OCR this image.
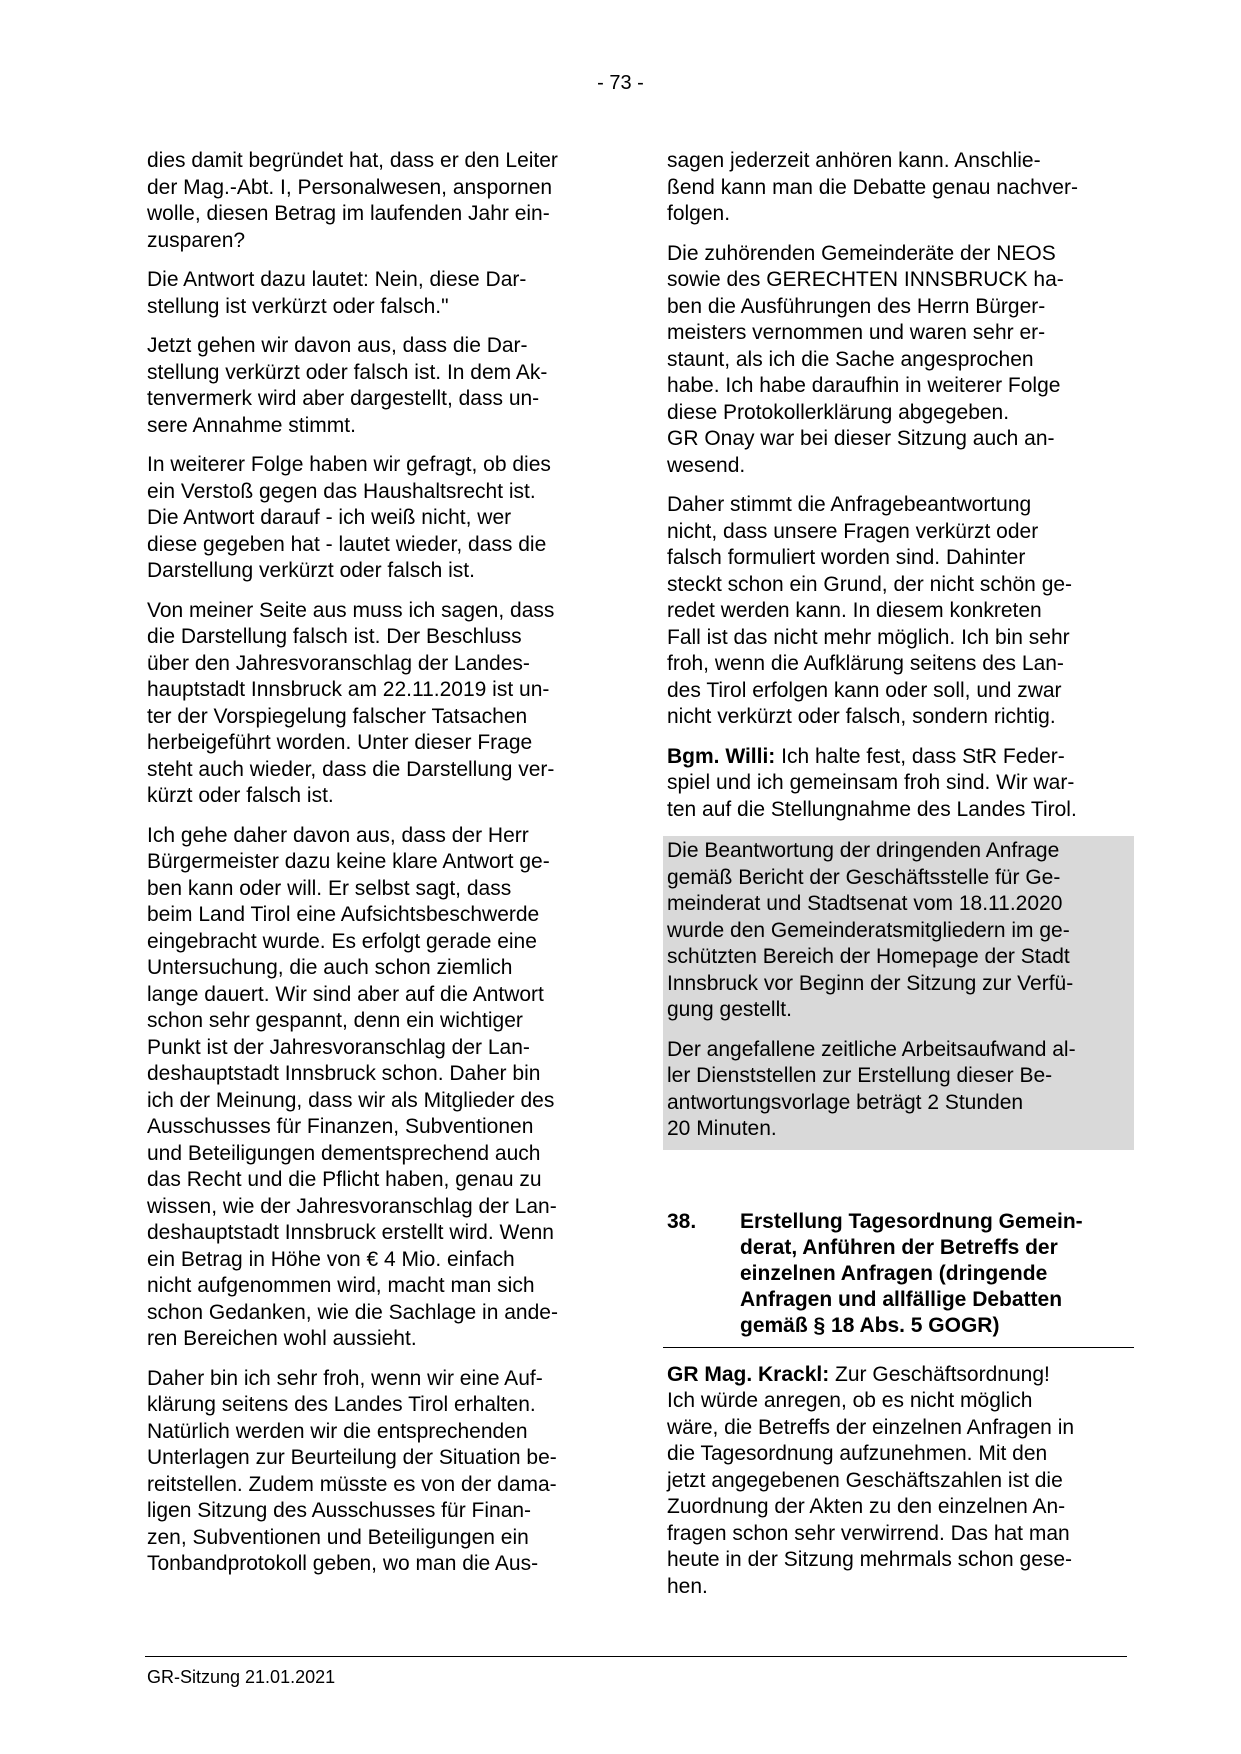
- 73 -

dies damit begründet hat, dass er den Leiter
der Mag.-Abt. I, Personalwesen, anspornen
wolle, diesen Betrag im laufenden Jahr ein-
zusparen?

Die Antwort dazu lautet: Nein, diese Dar-
stellung ist verkürzt oder falsch."

Jetzt gehen wir davon aus, dass die Dar-
stellung verkürzt oder falsch ist. In dem Ak-
tenvermerk wird aber dargestellt, dass un-
sere Annahme stimmt.

In weiterer Folge haben wir gefragt, ob dies
ein Verstoß gegen das Haushaltsrecht ist.
Die Antwort darauf - ich weiß nicht, wer
diese gegeben hat - lautet wieder, dass die
Darstellung verkürzt oder falsch ist.

Von meiner Seite aus muss ich sagen, dass
die Darstellung falsch ist. Der Beschluss
über den Jahresvoranschlag der Landes-
hauptstadt Innsbruck am 22.11.2019 ist un-
ter der Vorspiegelung falscher Tatsachen
herbeigeführt worden. Unter dieser Frage
steht auch wieder, dass die Darstellung ver-
kürzt oder falsch ist.

Ich gehe daher davon aus, dass der Herr
Bürgermeister dazu keine klare Antwort ge-
ben kann oder will. Er selbst sagt, dass
beim Land Tirol eine Aufsichtsbeschwerde
eingebracht wurde. Es erfolgt gerade eine
Untersuchung, die auch schon ziemlich
lange dauert. Wir sind aber auf die Antwort
schon sehr gespannt, denn ein wichtiger
Punkt ist der Jahresvoranschlag der Lan-
deshauptstadt Innsbruck schon. Daher bin
ich der Meinung, dass wir als Mitglieder des
Ausschusses für Finanzen, Subventionen
und Beteiligungen dementsprechend auch
das Recht und die Pflicht haben, genau zu
wissen, wie der Jahresvoranschlag der Lan-
deshauptstadt Innsbruck erstellt wird. Wenn
ein Betrag in Höhe von € 4 Mio. einfach
nicht aufgenommen wird, macht man sich
schon Gedanken, wie die Sachlage in ande-
ren Bereichen wohl aussieht.

Daher bin ich sehr froh, wenn wir eine Auf-
klärung seitens des Landes Tirol erhalten.
Natürlich werden wir die entsprechenden
Unterlagen zur Beurteilung der Situation be-
reitstellen. Zudem müsste es von der dama-
ligen Sitzung des Ausschusses für Finan-
zen, Subventionen und Beteiligungen ein
Tonbandprotokoll geben, wo man die Aus-

sagen jederzeit anhören kann. Anschlie-
ßend kann man die Debatte genau nachver-
folgen.

Die zuhörenden Gemeinderäte der NEOS
sowie des GERECHTEN INNSBRUCK ha-
ben die Ausführungen des Herrn Bürger-
meisters vernommen und waren sehr er-
staunt, als ich die Sache angesprochen
habe. Ich habe daraufhin in weiterer Folge
diese Protokollerklärung abgegeben.

GR Onay war bei dieser Sitzung auch an-
wesend.

Daher stimmt die Anfragebeantwortung
nicht, dass unsere Fragen verkürzt oder
falsch formuliert worden sind. Dahinter
steckt schon ein Grund, der nicht schön ge-
redet werden kann. In diesem konkreten
Fall ist das nicht mehr möglich. Ich bin sehr
froh, wenn die Aufklärung seitens des Lan-
des Tirol erfolgen kann oder soll, und zwar
nicht verkürzt oder falsch, sondern richtig.

Bgm. Willi: Ich halte fest, dass StR Feder-
spiel und ich gemeinsam froh sind. Wir war-
ten auf die Stellungnahme des Landes Tirol.

Die Beantwortung der dringenden Anfrage
gemäß Bericht der Geschäftsstelle für Ge-
meinderat und Stadtsenat vom 18.11.2020
wurde den Gemeinderatsmitgliedern im ge-
schützten Bereich der Homepage der Stadt
Innsbruck vor Beginn der Sitzung zur Verfü-
gung gestellt.

Der angefallene zeitliche Arbeitsaufwand al-
ler Dienststellen zur Erstellung dieser Be-
antwortungsvorlage beträgt 2 Stunden
20 Minuten.

38.	Erstellung Tagesordnung Gemein-
derat, Anführen der Betreffs der
einzelnen Anfragen (dringende
Anfragen und allfällige Debatten
gemäß § 18 Abs. 5 GOGR)

GR Mag. Krackl: Zur Geschäftsordnung!
Ich würde anregen, ob es nicht möglich
wäre, die Betreffs der einzelnen Anfragen in
die Tagesordnung aufzunehmen. Mit den
jetzt angegebenen Geschäftszahlen ist die
Zuordnung der Akten zu den einzelnen An-
fragen schon sehr verwirrend. Das hat man
heute in der Sitzung mehrmals schon gese-
hen.

GR-Sitzung 21.01.2021
